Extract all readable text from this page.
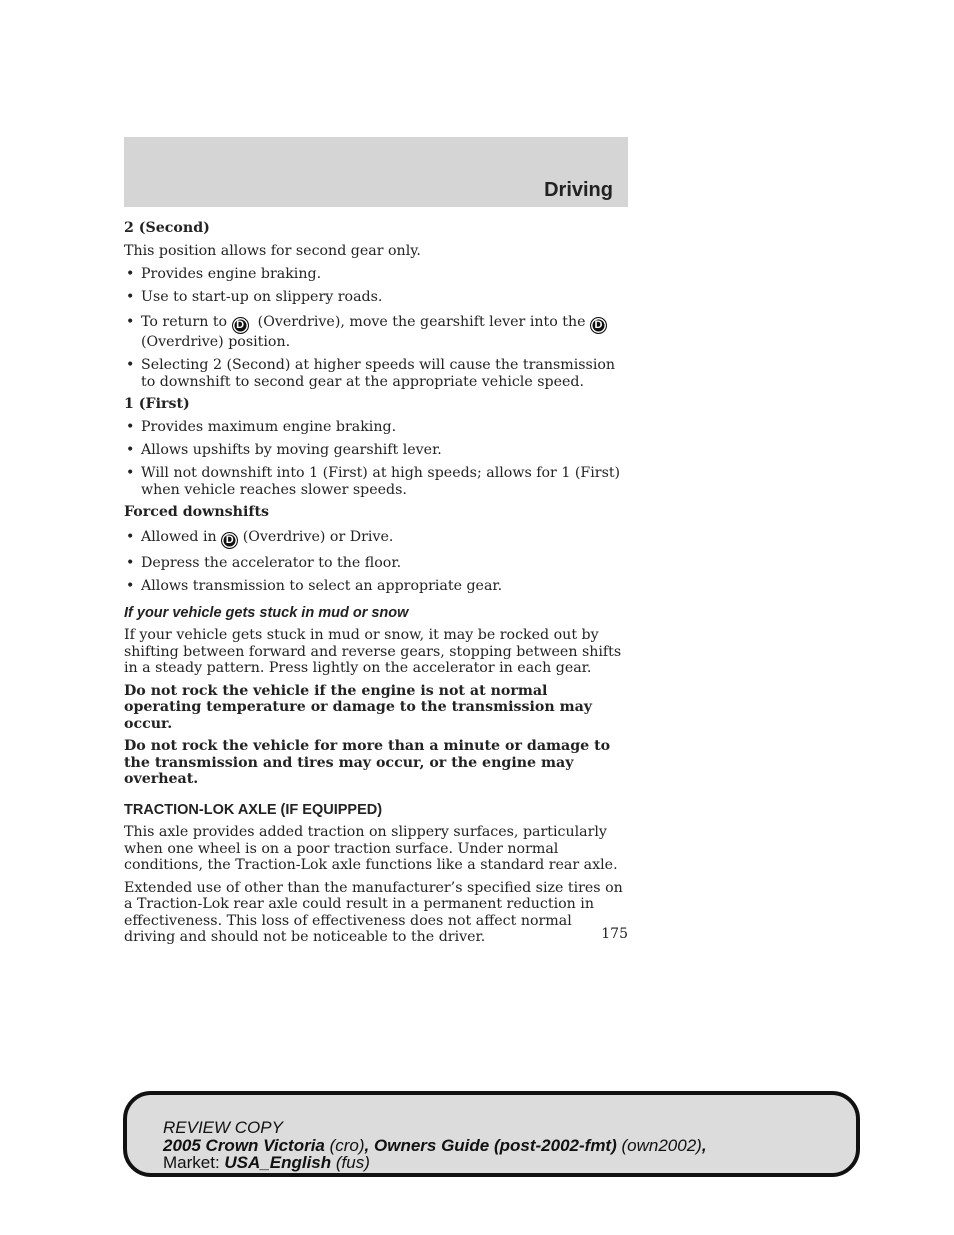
Driving

2 (Second)

This position allows for second gear only.

• Provides engine braking.
• Use to start-up on slippery roads.
• To return to D (Overdrive), move the gearshift lever into the D
(Overdrive) position.
• Selecting 2 (Second) at higher speeds will cause the transmission to downshift to second gear at the appropriate vehicle speed.

1 (First)

• Provides maximum engine braking.
• Allows upshifts by moving gearshift lever.
• Will not downshift into 1 (First) at high speeds; allows for 1 (First) when vehicle reaches slower speeds.

Forced downshifts

• Allowed in D (Overdrive) or Drive.
• Depress the accelerator to the floor.
• Allows transmission to select an appropriate gear.

If your vehicle gets stuck in mud or snow

If your vehicle gets stuck in mud or snow, it may be rocked out by shifting between forward and reverse gears, stopping between shifts in a steady pattern. Press lightly on the accelerator in each gear.

Do not rock the vehicle if the engine is not at normal operating temperature or damage to the transmission may occur.

Do not rock the vehicle for more than a minute or damage to the transmission and tires may occur, or the engine may overheat.

TRACTION-LOK AXLE (IF EQUIPPED)

This axle provides added traction on slippery surfaces, particularly when one wheel is on a poor traction surface. Under normal conditions, the Traction-Lok axle functions like a standard rear axle.

Extended use of other than the manufacturer’s specified size tires on a Traction-Lok rear axle could result in a permanent reduction in effectiveness. This loss of effectiveness does not affect normal driving and should not be noticeable to the driver.	175
REVIEW COPY
2005 Crown Victoria (cro), Owners Guide (post-2002-fmt) (own2002),
Market: USA_English (fus)
